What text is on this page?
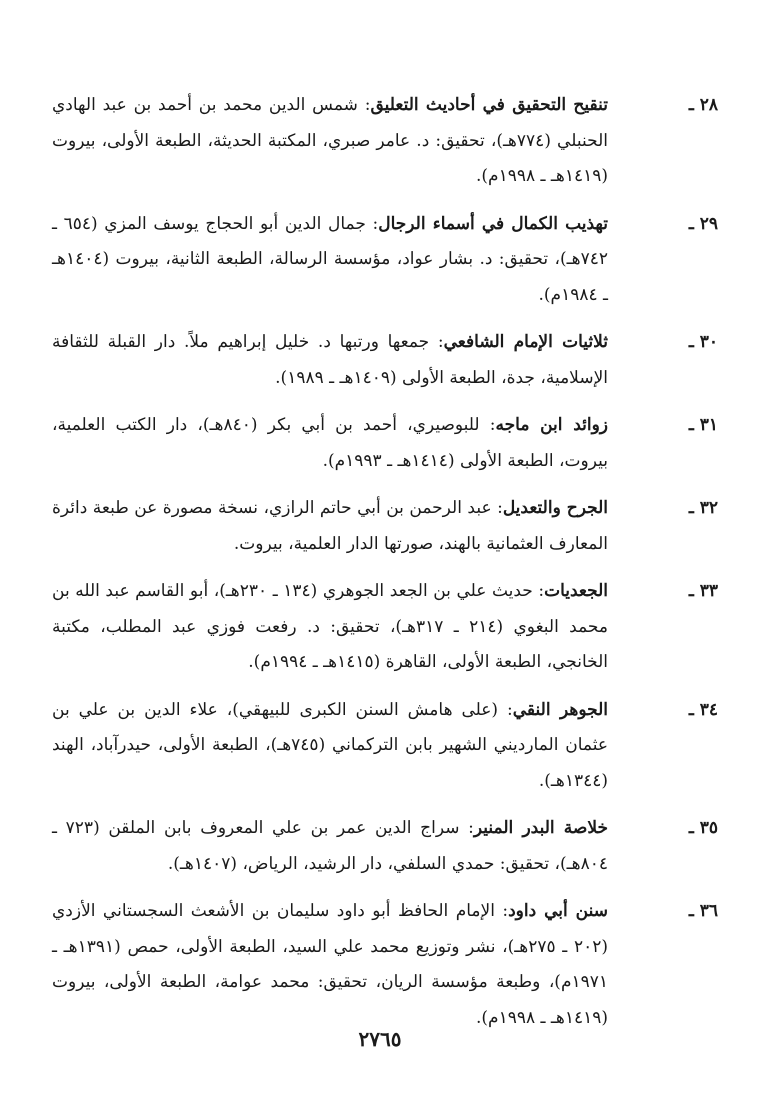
٢٨ ـ
تنقيح التحقيق في أحاديث التعليق: شمس الدين محمد بن أحمد بن عبد الهادي الحنبلي (٧٧٤هـ)، تحقيق: د. عامر صبري، المكتبة الحديثة، الطبعة الأولى، بيروت (١٤١٩هـ ـ ١٩٩٨م).
٢٩ ـ
تهذيب الكمال في أسماء الرجال: جمال الدين أبو الحجاج يوسف المزي (٦٥٤ ـ ٧٤٢هـ)، تحقيق: د. بشار عواد، مؤسسة الرسالة، الطبعة الثانية، بيروت (١٤٠٤هـ ـ ١٩٨٤م).
٣٠ ـ
ثلاثيات الإمام الشافعي: جمعها ورتبها د. خليل إبراهيم ملاً. دار القبلة للثقافة الإسلامية، جدة، الطبعة الأولى (١٤٠٩هـ ـ ١٩٨٩).
٣١ ـ
زوائد ابن ماجه: للبوصيري، أحمد بن أبي بكر (٨٤٠هـ)، دار الكتب العلمية، بيروت، الطبعة الأولى (١٤١٤هـ ـ ١٩٩٣م).
٣٢ ـ
الجرح والتعديل: عبد الرحمن بن أبي حاتم الرازي، نسخة مصورة عن طبعة دائرة المعارف العثمانية بالهند، صورتها الدار العلمية، بيروت.
٣٣ ـ
الجعديات: حديث علي بن الجعد الجوهري (١٣٤ ـ ٢٣٠هـ)، أبو القاسم عبد الله بن محمد البغوي (٢١٤ ـ ٣١٧هـ)، تحقيق: د. رفعت فوزي عبد المطلب، مكتبة الخانجي، الطبعة الأولى، القاهرة (١٤١٥هـ ـ ١٩٩٤م).
٣٤ ـ
الجوهر النقي: (على هامش السنن الكبرى للبيهقي)، علاء الدين بن علي بن عثمان المارديني الشهير بابن التركماني (٧٤٥هـ)، الطبعة الأولى، حيدرآباد، الهند (١٣٤٤هـ).
٣٥ ـ
خلاصة البدر المنير: سراج الدين عمر بن علي المعروف بابن الملقن (٧٢٣ ـ ٨٠٤هـ)، تحقيق: حمدي السلفي، دار الرشيد، الرياض، (١٤٠٧هـ).
٣٦ ـ
سنن أبي داود: الإمام الحافظ أبو داود سليمان بن الأشعث السجستاني الأزدي (٢٠٢ ـ ٢٧٥هـ)، نشر وتوزيع محمد علي السيد، الطبعة الأولى، حمص (١٣٩١هـ ـ ١٩٧١م)، وطبعة مؤسسة الريان، تحقيق: محمد عوامة، الطبعة الأولى، بيروت (١٤١٩هـ ـ ١٩٩٨م).
٢٧٦٥
